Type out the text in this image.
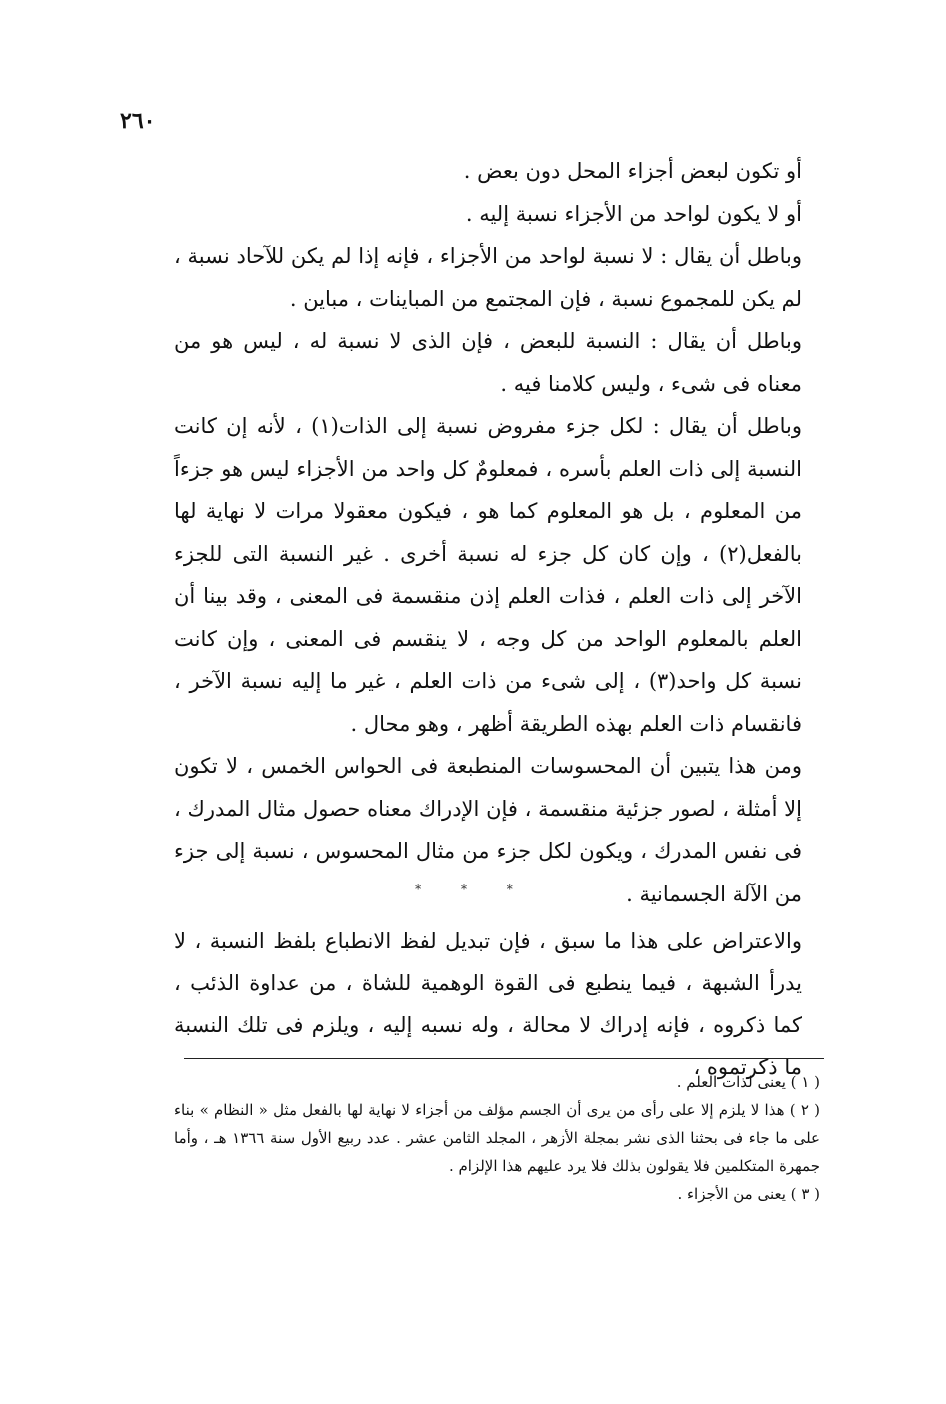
٢٦٠

أو تكون لبعض أجزاء المحل دون بعض .

أو لا يكون لواحد من الأجزاء نسبة إليه .

وباطل أن يقال : لا نسبة لواحد من الأجزاء ، فإنه إذا لم يكن للآحاد نسبة ، لم يكن للمجموع نسبة ، فإن المجتمع من المباينات ، مباين .

وباطل أن يقال : النسبة للبعض ، فإن الذى لا نسبة له ، ليس هو من معناه فى شىء ، وليس كلامنا فيه .

وباطل أن يقال : لكل جزء مفروض نسبة إلى الذات(١) ، لأنه إن كانت النسبة إلى ذات العلم بأسره ، فمعلومٌ كل واحد من الأجزاء ليس هو جزءاً من المعلوم ، بل هو المعلوم كما هو ، فيكون معقولا مرات لا نهاية لها بالفعل(٢) ، وإن كان كل جزء له نسبة أخرى . غير النسبة التى للجزء الآخر إلى ذات العلم ، فذات العلم إذن منقسمة فى المعنى ، وقد بينا أن العلم بالمعلوم الواحد من كل وجه ، لا ينقسم فى المعنى ، وإن كانت نسبة كل واحد(٣) ، إلى شىء من ذات العلم ، غير ما إليه نسبة الآخر ، فانقسام ذات العلم بهذه الطريقة أظهر ، وهو محال .

ومن هذا يتبين أن المحسوسات المنطبعة فى الحواس الخمس ، لا تكون إلا أمثلة ، لصور جزئية منقسمة ، فإن الإدراك معناه حصول مثال المدرك ، فى نفس المدرك ، ويكون لكل جزء من مثال المحسوس ، نسبة إلى جزء من الآلة الجسمانية .

* * *

والاعتراض على هذا ما سبق ، فإن تبديل لفظ الانطباع بلفظ النسبة ، لا يدرأ الشبهة ، فيما ينطبع فى القوة الوهمية للشاة ، من عداوة الذئب ، كما ذكروه ، فإنه إدراك لا محالة ، وله نسبه إليه ، ويلزم فى تلك النسبة ما ذكرتموه ،

( ١ ) يعنى لذات العلم .

( ٢ ) هذا لا يلزم إلا على رأى من يرى أن الجسم مؤلف من أجزاء لا نهاية لها بالفعل مثل « النظام » بناء على ما جاء فى بحثنا الذى نشر بمجلة الأزهر ، المجلد الثامن عشر . عدد ربيع الأول سنة ١٣٦٦ هـ ، وأما جمهرة المتكلمين فلا يقولون بذلك فلا يرد عليهم هذا الإلزام .

( ٣ ) يعنى من الأجزاء .
